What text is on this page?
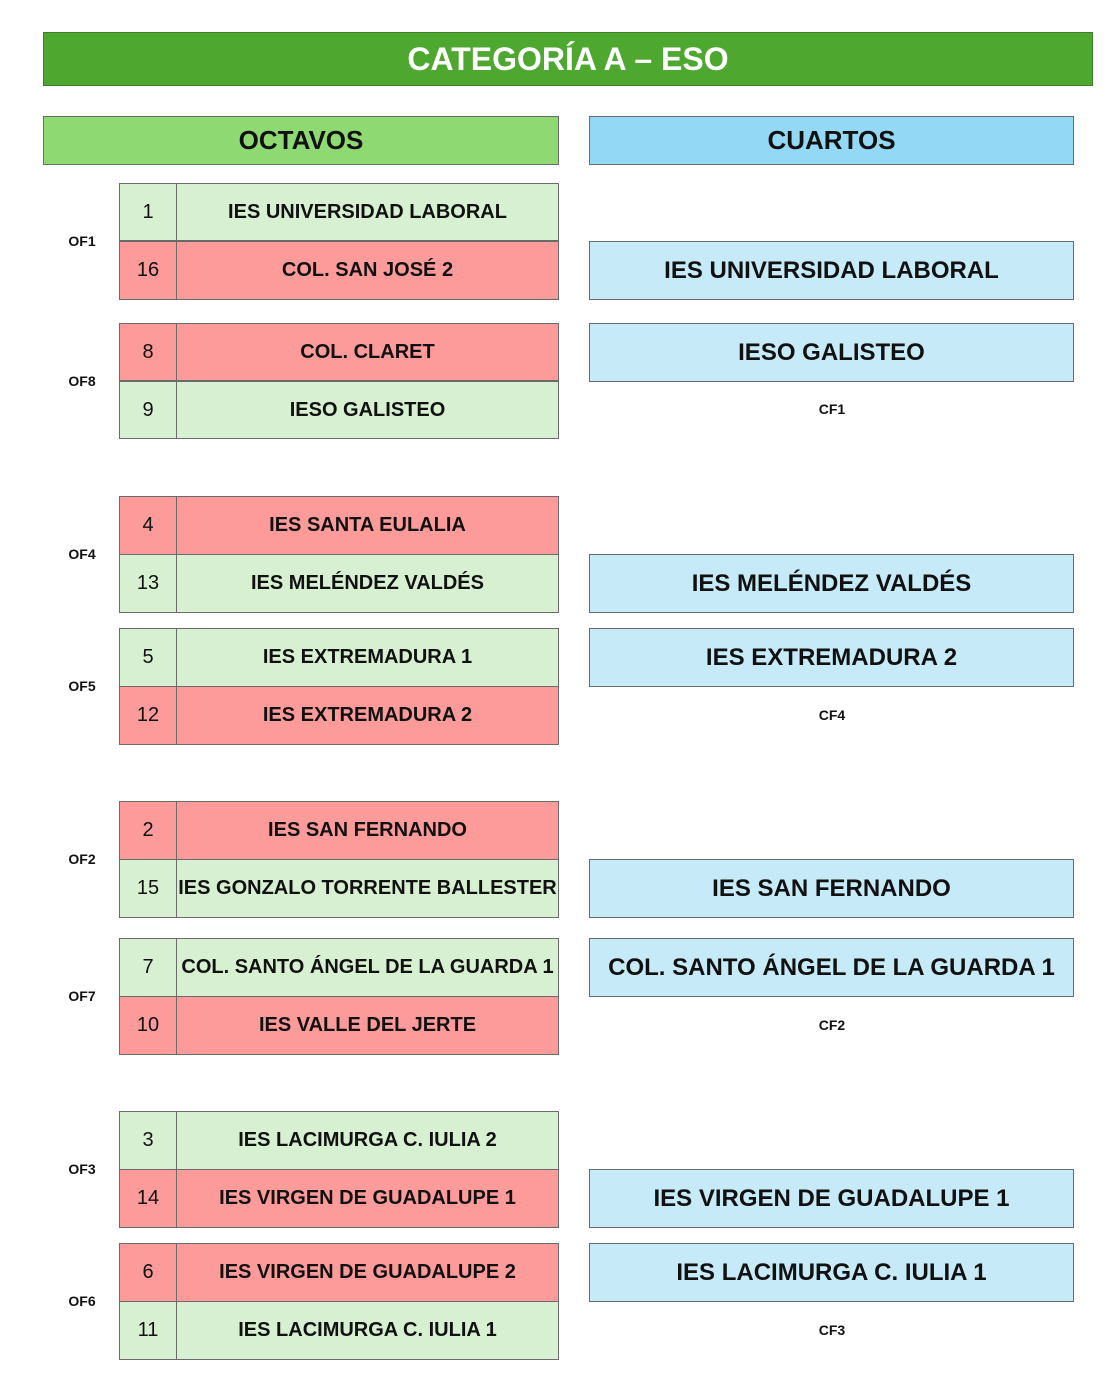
CATEGORÍA A – ESO
OCTAVOS	CUARTOS
OF1
1	IES UNIVERSIDAD LABORAL
16	COL. SAN JOSÉ 2
OF8
8	COL. CLARET
9	IESO GALISTEO
OF4
4	IES SANTA EULALIA
13	IES MELÉNDEZ VALDÉS
OF5
5	IES EXTREMADURA 1
12	IES EXTREMADURA 2
OF2
2	IES SAN FERNANDO
15 IES GONZALO TORRENTE BALLESTER
OF7
7	COL. SANTO ÁNGEL DE LA GUARDA 1
10	IES VALLE DEL JERTE
OF3
3	IES LACIMURGA C. IULIA 2
14	IES VIRGEN DE GUADALUPE 1
OF6
6	IES VIRGEN DE GUADALUPE 2
11	IES LACIMURGA C. IULIA 1
IES UNIVERSIDAD LABORAL
IESO GALISTEO
CF1
IES MELÉNDEZ VALDÉS
IES EXTREMADURA 2
CF4
IES SAN FERNANDO
COL. SANTO ÁNGEL DE LA GUARDA 1
CF2
IES VIRGEN DE GUADALUPE 1
IES LACIMURGA C. IULIA 1
CF3
